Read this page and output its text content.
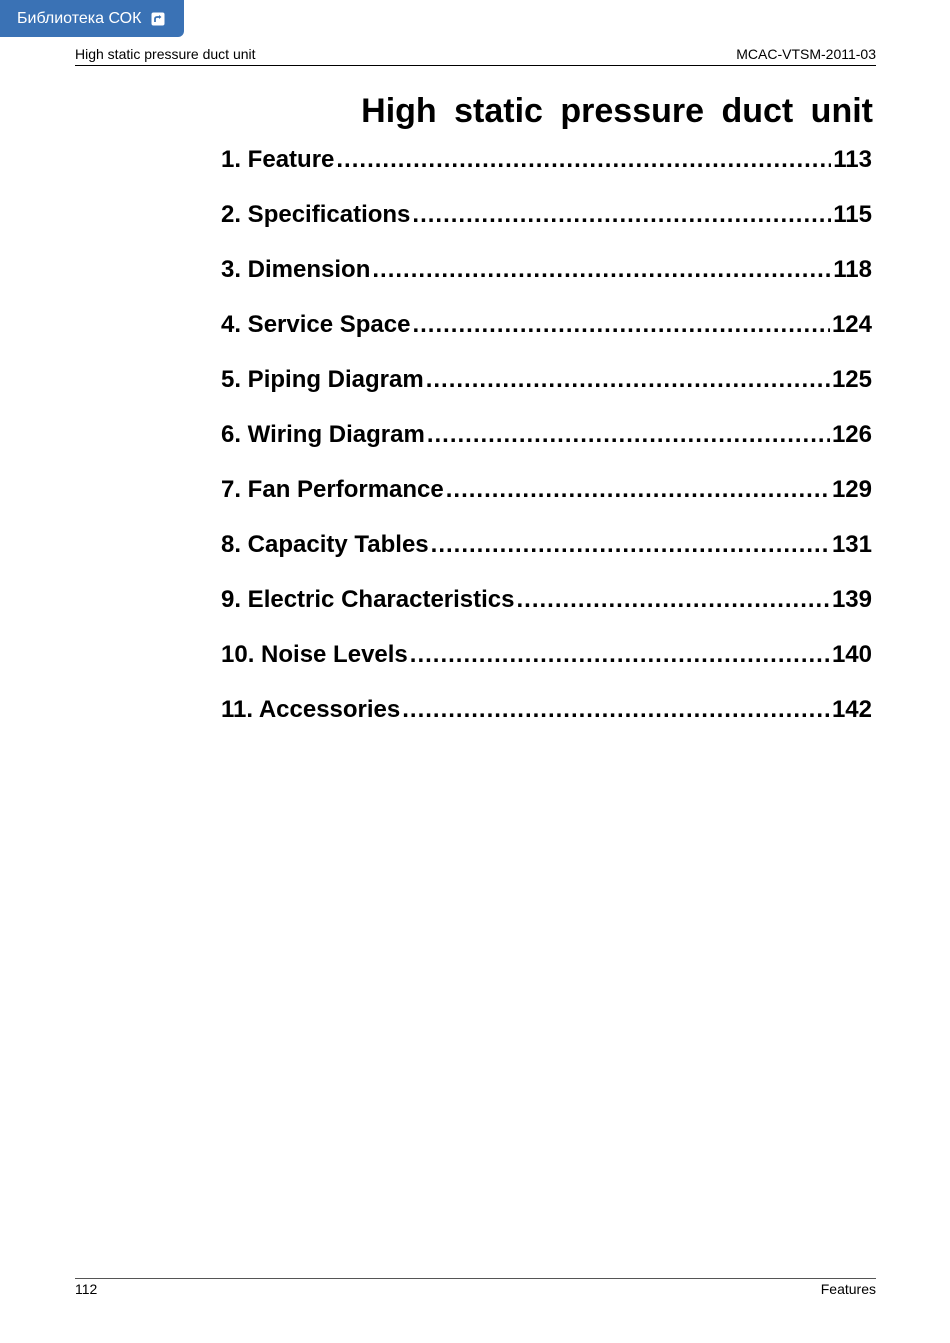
Библиотека СОК
High static pressure duct unit	MCAC-VTSM-2011-03
High static pressure duct unit
1. Feature .....	113
2. Specifications .....	115
3. Dimension .....	118
4. Service Space .....	124
5. Piping Diagram .....	125
6. Wiring Diagram .....	126
7. Fan Performance .....	129
8. Capacity Tables .....	131
9. Electric Characteristics .....	139
10. Noise Levels .....	140
11. Accessories .....	142
112	Features
